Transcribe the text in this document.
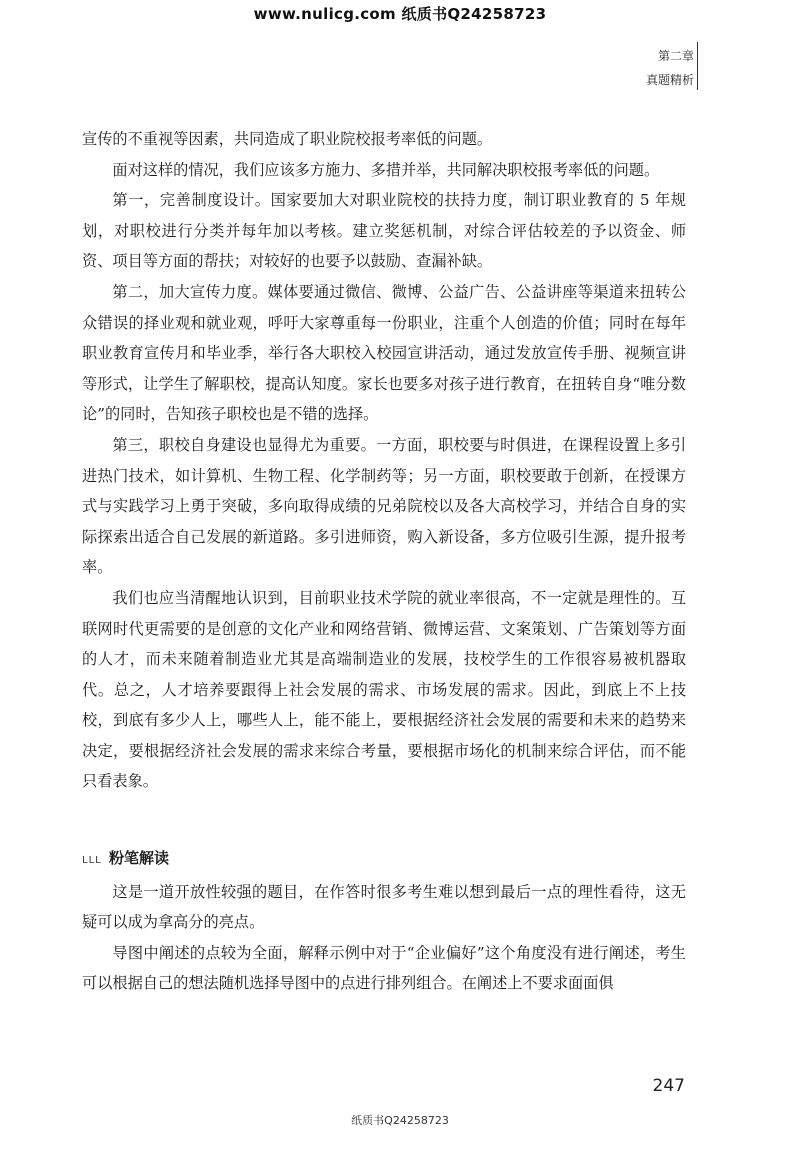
www.nulicg.com 纸质书Q24258723
第二章
真题精析

宣传的不重视等因素，共同造成了职业院校报考率低的问题。

面对这样的情况，我们应该多方施力、多措并举，共同解决职校报考率低的问题。

第一，完善制度设计。国家要加大对职业院校的扶持力度，制订职业教育的 5 年规划，对职校进行分类并每年加以考核。建立奖惩机制，对综合评估较差的予以资金、师资、项目等方面的帮扶；对较好的也要予以鼓励、查漏补缺。

第二，加大宣传力度。媒体要通过微信、微博、公益广告、公益讲座等渠道来扭转公众错误的择业观和就业观，呼吁大家尊重每一份职业，注重个人创造的价值；同时在每年职业教育宣传月和毕业季，举行各大职校入校园宣讲活动，通过发放宣传手册、视频宣讲等形式，让学生了解职校，提高认知度。家长也要多对孩子进行教育，在扭转自身“唯分数论”的同时，告知孩子职校也是不错的选择。

第三，职校自身建设也显得尤为重要。一方面，职校要与时俱进，在课程设置上多引进热门技术，如计算机、生物工程、化学制药等；另一方面，职校要敢于创新，在授课方式与实践学习上勇于突破，多向取得成绩的兄弟院校以及各大高校学习，并结合自身的实际探索出适合自己发展的新道路。多引进师资，购入新设备，多方位吸引生源，提升报考率。

我们也应当清醒地认识到，目前职业技术学院的就业率很高，不一定就是理性的。互联网时代更需要的是创意的文化产业和网络营销、微博运营、文案策划、广告策划等方面的人才，而未来随着制造业尤其是高端制造业的发展，技校学生的工作很容易被机器取代。总之，人才培养要跟得上社会发展的需求、市场发展的需求。因此，到底上不上技校，到底有多少人上，哪些人上，能不能上，要根据经济社会发展的需要和未来的趋势来决定，要根据经济社会发展的需求来综合考量，要根据市场化的机制来综合评估，而不能只看表象。

LLL 粉笔解读

这是一道开放性较强的题目，在作答时很多考生难以想到最后一点的理性看待，这无疑可以成为拿高分的亮点。

导图中阐述的点较为全面，解释示例中对于“企业偏好”这个角度没有进行阐述，考生可以根据自己的想法随机选择导图中的点进行排列组合。在阐述上不要求面面俱

247
纸质书Q24258723
